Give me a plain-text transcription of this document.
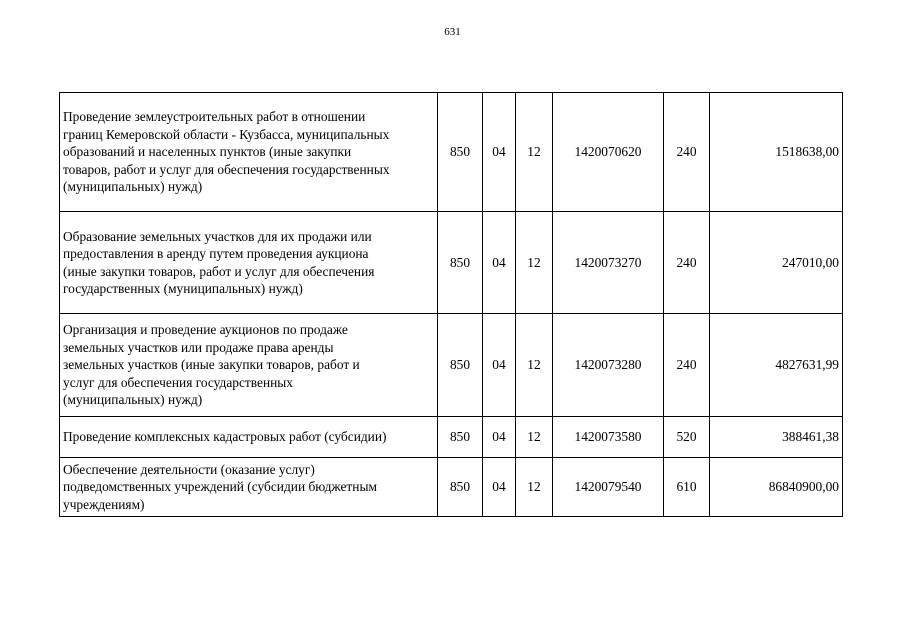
631
Проведение землеустроительных работ в отношении
границ Кемеровской области - Кузбасса, муниципальных
образований и населенных пунктов (иные закупки
товаров, работ и услуг для обеспечения государственных
(муниципальных) нужд)	850	04	12	1420070620	240	1518638,00

Образование земельных участков для их продажи или
предоставления в аренду путем проведения аукциона
(иные закупки товаров, работ и услуг для обеспечения
государственных (муниципальных) нужд)	850	04	12	1420073270	240	247010,00

Организация и проведение аукционов по продаже
земельных участков или продаже права аренды
земельных участков (иные закупки товаров, работ и
услуг для обеспечения государственных
(муниципальных) нужд)	850	04	12	1420073280	240	4827631,99

Проведение комплексных кадастровых работ (субсидии)	850	04	12	1420073580	520	388461,38

Обеспечение деятельности (оказание услуг)
подведомственных учреждений (субсидии бюджетным
учреждениям)	850	04	12	1420079540	610	86840900,00
